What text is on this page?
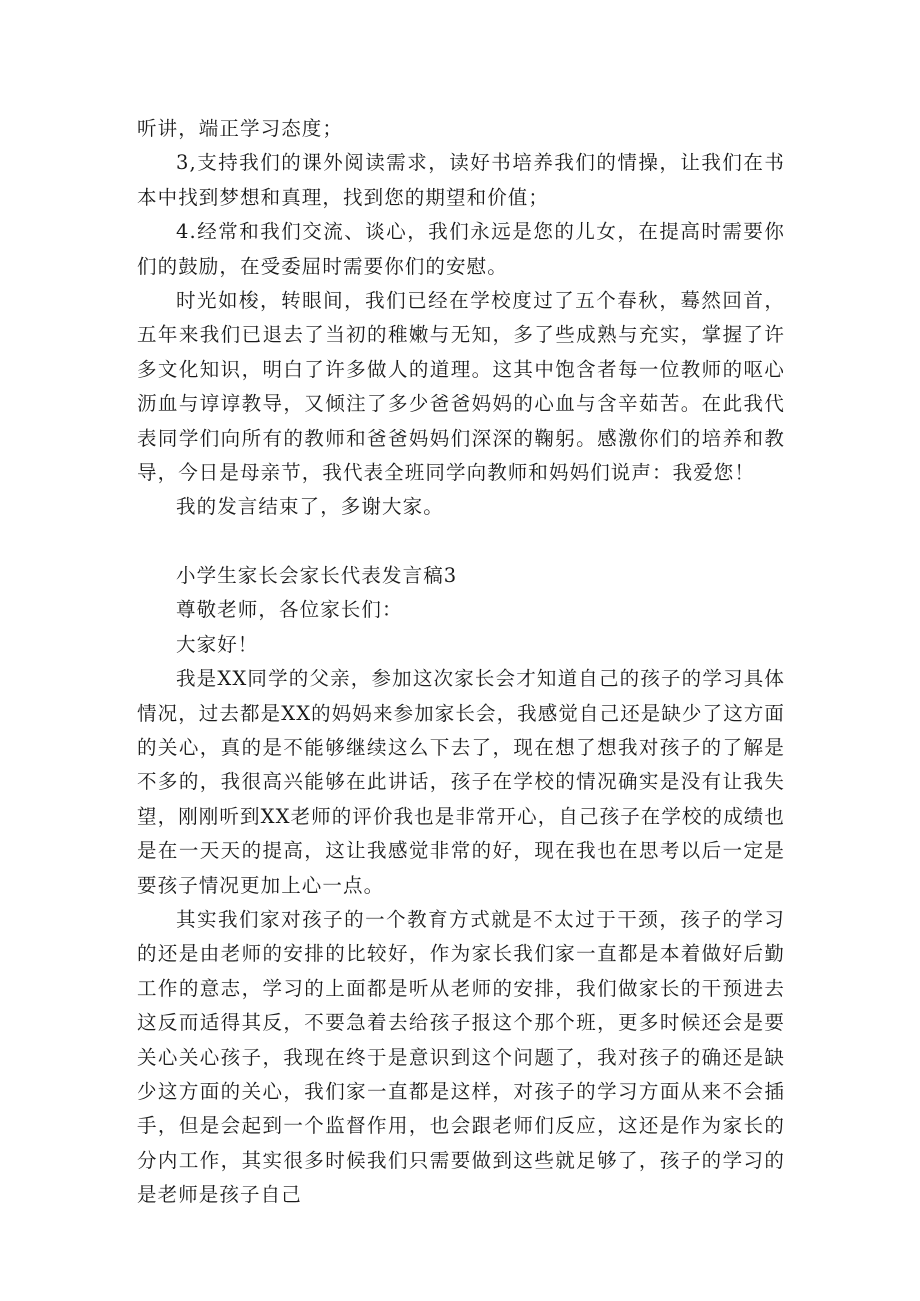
听讲，端正学习态度；

3,支持我们的课外阅读需求，读好书培养我们的情操，让我们在书本中找到梦想和真理，找到您的期望和价值；

4.经常和我们交流、谈心，我们永远是您的儿女，在提高时需要你们的鼓励，在受委屈时需要你们的安慰。

时光如梭，转眼间，我们已经在学校度过了五个春秋，蓦然回首，五年来我们已退去了当初的稚嫩与无知，多了些成熟与充实，掌握了许多文化知识，明白了许多做人的道理。这其中饱含者每一位教师的呕心沥血与谆谆教导，又倾注了多少爸爸妈妈的心血与含辛茹苦。在此我代表同学们向所有的教师和爸爸妈妈们深深的鞠躬。感激你们的培养和教导，今日是母亲节，我代表全班同学向教师和妈妈们说声：我爱您！

我的发言结束了，多谢大家。

小学生家长会家长代表发言稿3

尊敬老师，各位家长们：

大家好！

我是XX同学的父亲，参加这次家长会才知道自己的孩子的学习具体情况，过去都是XX的妈妈来参加家长会，我感觉自己还是缺少了这方面的关心，真的是不能够继续这么下去了，现在想了想我对孩子的了解是不多的，我很高兴能够在此讲话，孩子在学校的情况确实是没有让我失望，刚刚听到XX老师的评价我也是非常开心，自己孩子在学校的成绩也是在一天天的提高，这让我感觉非常的好，现在我也在思考以后一定是要孩子情况更加上心一点。

其实我们家对孩子的一个教育方式就是不太过于干颈，孩子的学习的还是由老师的安排的比较好，作为家长我们家一直都是本着做好后勤工作的意志，学习的上面都是听从老师的安排，我们做家长的干预进去这反而适得其反，不要急着去给孩子报这个那个班，更多时候还会是要关心关心孩子，我现在终于是意识到这个问题了，我对孩子的确还是缺少这方面的关心，我们家一直都是这样，对孩子的学习方面从来不会插手，但是会起到一个监督作用，也会跟老师们反应，这还是作为家长的分内工作，其实很多时候我们只需要做到这些就足够了，孩子的学习的是老师是孩子自己
